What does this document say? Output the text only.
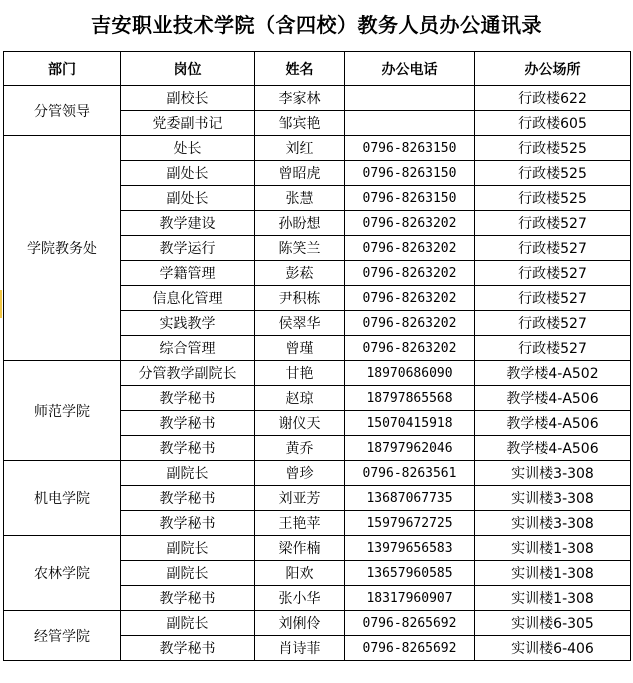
吉安职业技术学院（含四校）教务人员办公通讯录
部门	岗位	姓名	办公电话	办公场所
分管领导	副校长	李家林		行政楼622
	党委副书记	邹宾艳		行政楼605
学院教务处	处长	刘红	0796-8263150	行政楼525
	副处长	曾昭虎	0796-8263150	行政楼525
	副处长	张慧	0796-8263150	行政楼525
	教学建设	孙盼想	0796-8263202	行政楼527
	教学运行	陈笑兰	0796-8263202	行政楼527
	学籍管理	彭菘	0796-8263202	行政楼527
	信息化管理	尹积栋	0796-8263202	行政楼527
	实践教学	侯翠华	0796-8263202	行政楼527
	综合管理	曾瑾	0796-8263202	行政楼527
师范学院	分管教学副院长	甘艳	18970686090	教学楼4-A502
	教学秘书	赵琼	18797865568	教学楼4-A506
	教学秘书	谢仪天	15070415918	教学楼4-A506
	教学秘书	黄乔	18797962046	教学楼4-A506
机电学院	副院长	曾珍	0796-8263561	实训楼3-308
	教学秘书	刘亚芳	13687067735	实训楼3-308
	教学秘书	王艳苹	15979672725	实训楼3-308
农林学院	副院长	梁作楠	13979656583	实训楼1-308
	副院长	阳欢	13657960585	实训楼1-308
	教学秘书	张小华	18317960907	实训楼1-308
经管学院	副院长	刘俐伶	0796-8265692	实训楼6-305
	教学秘书	肖诗菲	0796-8265692	实训楼6-406
